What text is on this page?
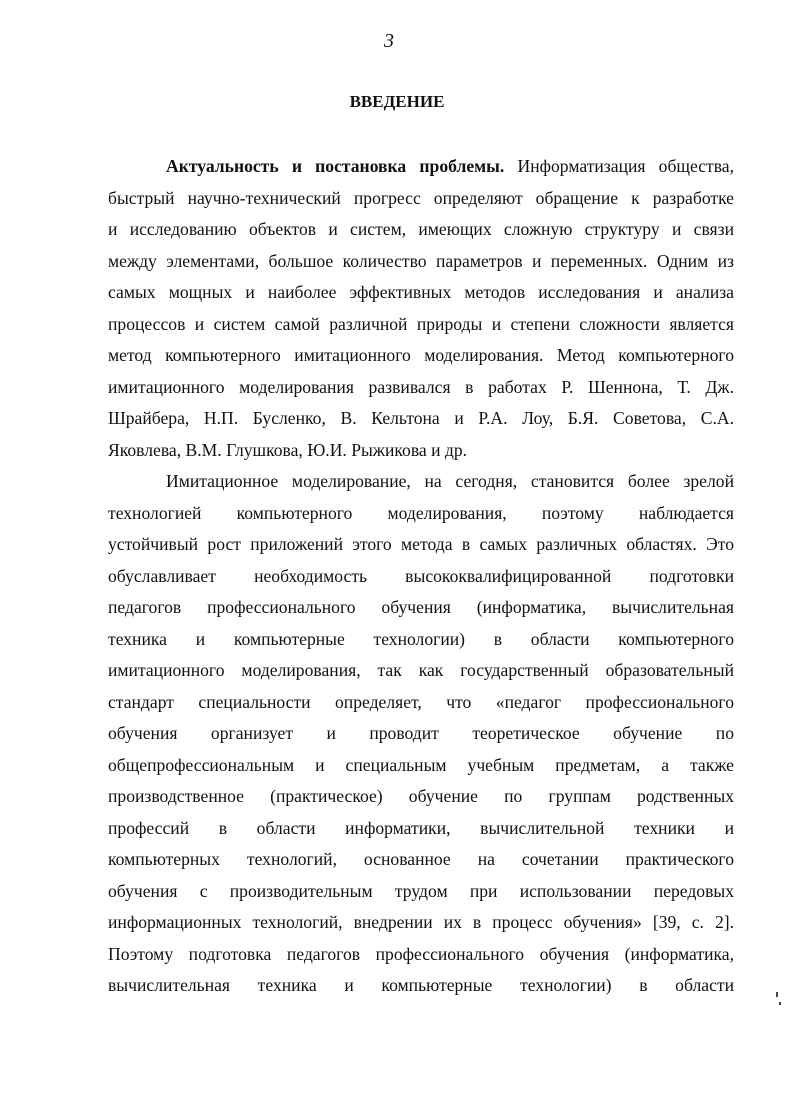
3
ВВЕДЕНИЕ
Актуальность и постановка проблемы. Информатизация общества,
быстрый научно-технический прогресс определяют обращение к разработке
и исследованию объектов и систем, имеющих сложную структуру и связи
между элементами, большое количество параметров и переменных. Одним из
самых мощных и наиболее эффективных методов исследования и анализа
процессов и систем самой различной природы и степени сложности является
метод компьютерного имитационного моделирования. Метод компьютерного
имитационного моделирования развивался в работах Р. Шеннона, Т. Дж.
Шрайбера, Н.П. Бусленко, В. Кельтона и Р.А. Лоу, Б.Я. Советова, С.А.
Яковлева, В.М. Глушкова, Ю.И. Рыжикова и др.
Имитационное моделирование, на сегодня, становится более зрелой
технологией компьютерного моделирования, поэтому наблюдается
устойчивый рост приложений этого метода в самых различных областях. Это
обуславливает необходимость высококвалифицированной подготовки
педагогов профессионального обучения (информатика, вычислительная
техника и компьютерные технологии) в области компьютерного
имитационного моделирования, так как государственный образовательный
стандарт специальности определяет, что «педагог профессионального
обучения организует и проводит теоретическое обучение по
общепрофессиональным и специальным учебным предметам, а также
производственное (практическое) обучение по группам родственных
профессий в области информатики, вычислительной техники и
компьютерных технологий, основанное на сочетании практического
обучения с производительным трудом при использовании передовых
информационных технологий, внедрении их в процесс обучения» [39, с. 2].
Поэтому подготовка педагогов профессионального обучения (информатика,
вычислительная техника и компьютерные технологии) в области
